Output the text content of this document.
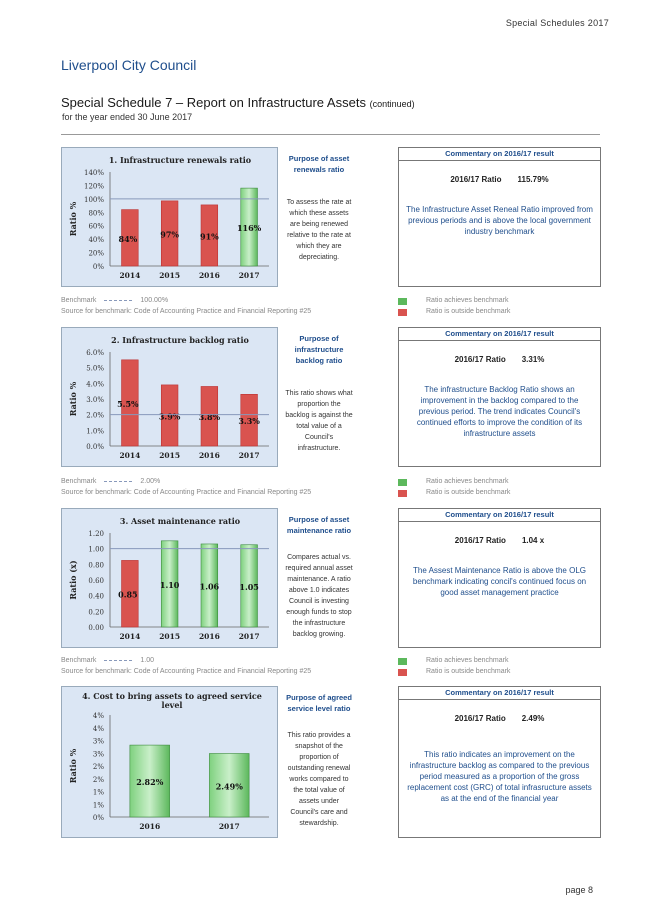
Special Schedules 2017
Liverpool City Council
Special Schedule 7 – Report on Infrastructure Assets (continued)
for the year ended 30 June 2017
1. Infrastructure renewals ratio
0%
20%
40%
60%
80%
100%
120%
140%
Ratio %
2014
84%
2015
97%
2016
91%
2017
116%
Purpose of asset renewals ratio
To assess the rate at which these assets are being renewed relative to the rate at which they are depreciating.
Commentary on 2016/17 result
2016/17 Ratio 115.79%
The Infrastructure Asset Reneal Ratio improved from previous periods and is above the local government industry benchmark
Benchmark	100.00%
Source for benchmark: Code of Accounting Practice and Financial Reporting #25
Ratio achieves benchmark
Ratio is outside benchmark
2. Infrastructure backlog ratio
0.0%
1.0%
2.0%
3.0%
4.0%
5.0%
6.0%
Ratio %
2014
5.5%
2015
3.9%
2016
3.8%
2017
3.3%
Purpose of infrastructure backlog ratio
This ratio shows what proportion the backlog is against the total value of a Council's infrastructure.
Commentary on 2016/17 result
2016/17 Ratio 3.31%
The infrastructure Backlog Ratio shows an improvement in the backlog compared to the previous period. The trend indicates Council's continued efforts to improve the condition of its infrastructure assets
Benchmark	2.00%
Source for benchmark: Code of Accounting Practice and Financial Reporting #25
Ratio achieves benchmark
Ratio is outside benchmark
3. Asset maintenance ratio
0.00
0.20
0.40
0.60
0.80
1.00
1.20
Ratio (x)
2014
0.85
2015
1.10
2016
1.06
2017
1.05
Purpose of asset maintenance ratio
Compares actual vs. required annual asset maintenance. A ratio above 1.0 indicates Council is investing enough funds to stop the infrastructure backlog growing.
Commentary on 2016/17 result
2016/17 Ratio 1.04 x
The Assest Maintenance Ratio is above the OLG benchmark indicating concil's continued focus on good asset management practice
Benchmark	1.00
Source for benchmark: Code of Accounting Practice and Financial Reporting #25
Ratio achieves benchmark
Ratio is outside benchmark
4. Cost to bring assets to agreed service level
0%
1%
1%
2%
2%
3%
3%
4%
4%
Ratio %
2016
2.82%
2017
2.49%
Purpose of agreed service level ratio
This ratio provides a snapshot of the proportion of outstanding renewal works compared to the total value of assets under Council's care and stewardship.
Commentary on 2016/17 result
2016/17 Ratio 2.49%
This ratio indicates an improvement on the infrastructure backlog as compared to the previous period measured as a proportion of the gross replacement cost (GRC) of total infrasructure assets as at the end of the financial year
page 8
